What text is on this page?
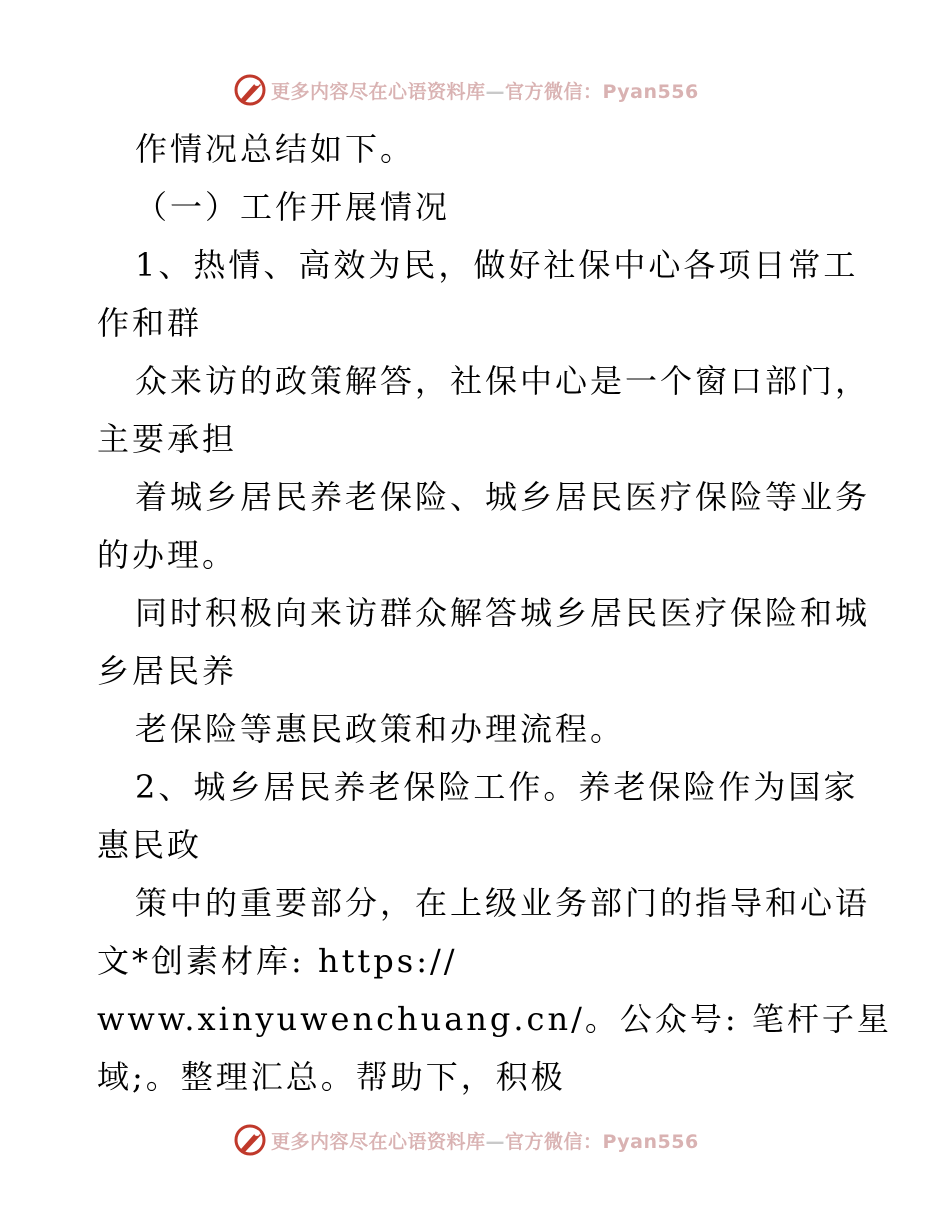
更多内容尽在心语资料库—官方微信：Pyan556
作情况总结如下。
（一）工作开展情况
1、热情、高效为民，做好社保中心各项日常工
作和群
众来访的政策解答，社保中心是一个窗口部门，
主要承担
着城乡居民养老保险、城乡居民医疗保险等业务
的办理。
同时积极向来访群众解答城乡居民医疗保险和城
乡居民养
老保险等惠民政策和办理流程。
2、城乡居民养老保险工作。养老保险作为国家
惠民政
策中的重要部分，在上级业务部门的指导和心语
文*创素材库: https://
www.xinyuwenchuang.cn/。公众号: 笔杆子星
域;。整理汇总。帮助下，积极
更多内容尽在心语资料库—官方微信：Pyan556
